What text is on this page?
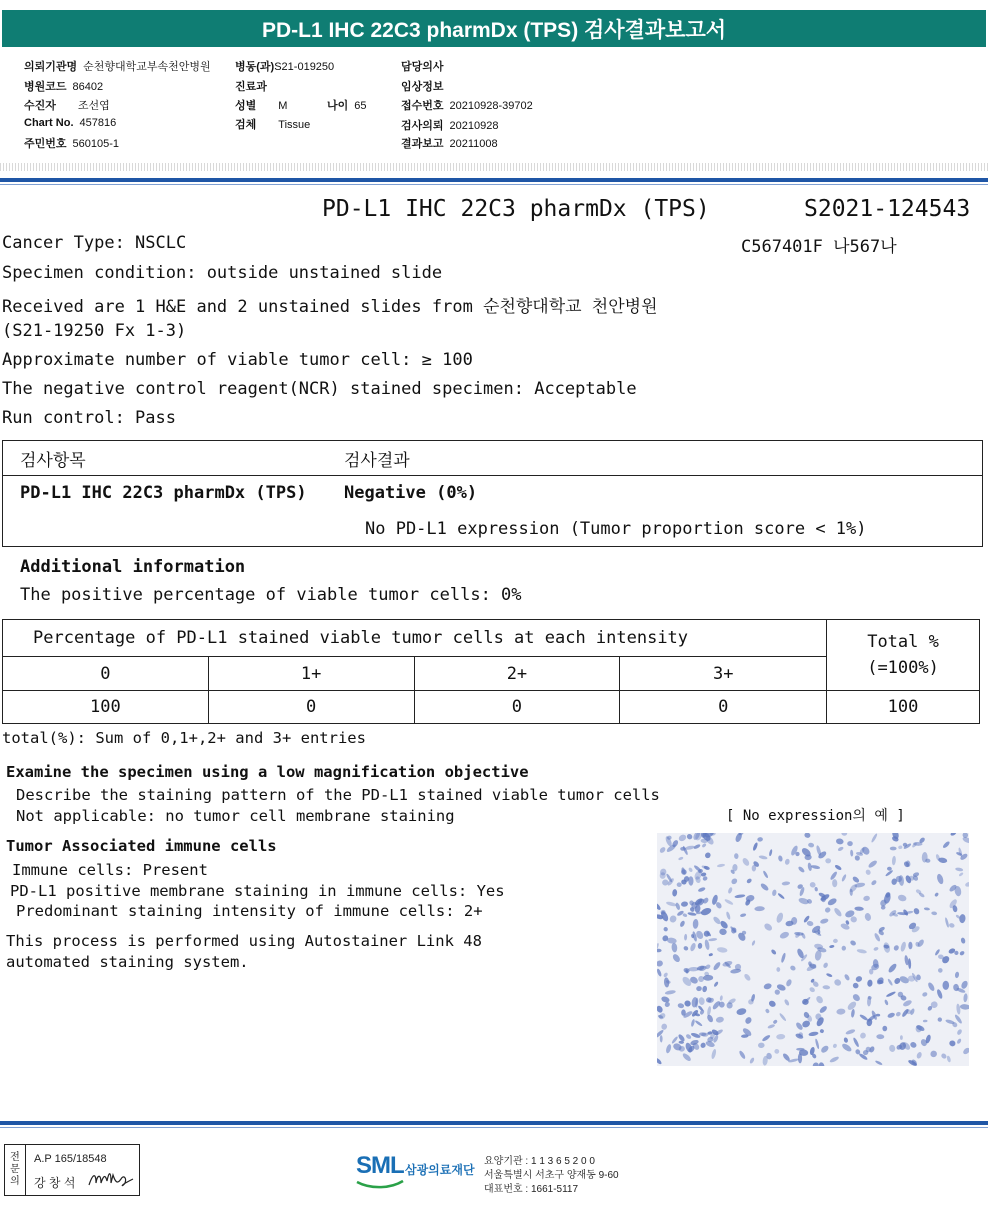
PD-L1 IHC 22C3 pharmDx (TPS) 검사결과보고서
의뢰기관명 순천향대학교부속천안병원
병원코드 86402
수진자 조선엽
Chart No. 457816
주민번호 560105-1
병동(과)S21-019250
진료과
성별 M	나이 65
검체 Tissue
담당의사
임상정보
접수번호 20210928-39702
검사의뢰 20210928
결과보고 20211008
PD-L1 IHC 22C3 pharmDx (TPS)	S2021-124543
Cancer Type: NSCLC	C567401F 나567나
Specimen condition: outside unstained slide
Received are 1 H&E and 2 unstained slides from 순천향대학교 천안병원
(S21-19250 Fx 1-3)
Approximate number of viable tumor cell: ≥ 100
The negative control reagent(NCR) stained specimen: Acceptable
Run control: Pass
검사항목	검사결과
PD-L1 IHC 22C3 pharmDx (TPS) Negative (0%)
No PD-L1 expression (Tumor proportion score < 1%)
Additional information
The positive percentage of viable tumor cells: 0%
Percentage of PD-L1 stained viable tumor cells at each intensity				Total %
(=100%)

0	1+	2+	3+	
100	0	0	0	100
total(%): Sum of 0,1+,2+ and 3+ entries
Examine the specimen using a low magnification objective
Describe the staining pattern of the PD-L1 stained viable tumor cells
Not applicable: no tumor cell membrane staining	[ No expression의 예 ]
Tumor Associated immune cells
Immune cells: Present
PD-L1 positive membrane staining in immune cells: Yes
Predominant staining intensity of immune cells: 2+
This process is performed using Autostainer Link 48
automated staining system.
전
문
의
A.P 165/18548
강 창 석
SML 삼광의료재단
요양기관 : 1 1 3 6 5 2 0 0
서울특별시 서초구 양재동 9-60
대표번호 : 1661-5117
